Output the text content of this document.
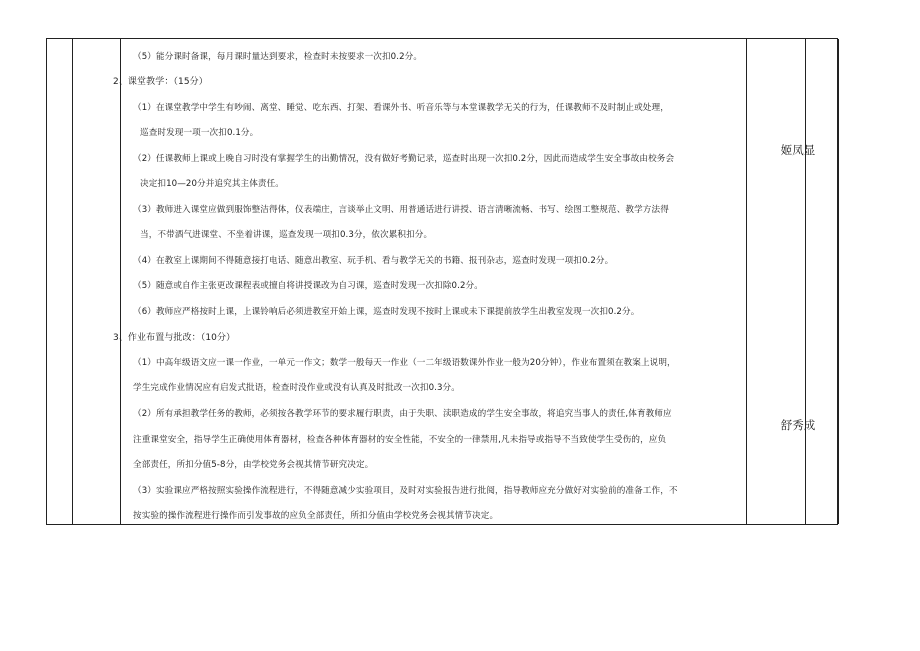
（5）能分课时备课，每月课时量达到要求，检查时未按要求一次扣0.2分。
2、课堂教学：（15分）
（1）在课堂教学中学生有吵闹、离堂、睡觉、吃东西、打架、看课外书、听音乐等与本堂课教学无关的行为，任课教师不及时制止或处理，
巡查时发现一项一次扣0.1分。
（2）任课教师上课或上晚自习时没有掌握学生的出勤情况，没有做好考勤记录，巡查时出现一次扣0.2分，因此而造成学生安全事故由校务会
决定扣10—20分并追究其主体责任。
（3）教师进入课堂应做到服饰整洁得体，仪表端庄，言谈举止文明、用普通话进行讲授、语言清晰流畅、书写、绘图工整规范、教学方法得
当，不带酒气进课堂、不坐着讲课，巡查发现一项扣0.3分，依次累积扣分。
（4）在教室上课期间不得随意接打电话、随意出教室、玩手机、看与教学无关的书籍、报刊杂志，巡查时发现一项扣0.2分。
（5）随意或自作主张更改课程表或擅自将讲授课改为自习课，巡查时发现一次扣除0.2分。
（6）教师应严格按时上课，上课铃响后必须进教室开始上课，巡查时发现不按时上课或未下课提前放学生出教室发现一次扣0.2分。
3、作业布置与批改：（10分）
（1）中高年级语文应一课一作业，一单元一作文；数学一般每天一作业（一二年级语数课外作业一般为20分钟），作业布置须在教案上说明，
学生完成作业情况应有启发式批语，检查时没作业或没有认真及时批改一次扣0.3分。
（2）所有承担教学任务的教师，必须按各教学环节的要求履行职责，由于失职、渎职造成的学生安全事故，将追究当事人的责任,体育教师应
注重课堂安全，指导学生正确使用体育器材，检查各种体育器材的安全性能，不安全的一律禁用,凡未指导或指导不当致使学生受伤的，应负
全部责任，所扣分值5-8分，由学校党务会视其情节研究决定。
（3）实验课应严格按照实验操作流程进行，不得随意减少实验项目，及时对实验报告进行批阅，指导教师应充分做好对实验前的准备工作，不
按实验的操作流程进行操作而引发事故的应负全部责任，所扣分值由学校党务会视其情节决定。
姬凤显
舒秀成
